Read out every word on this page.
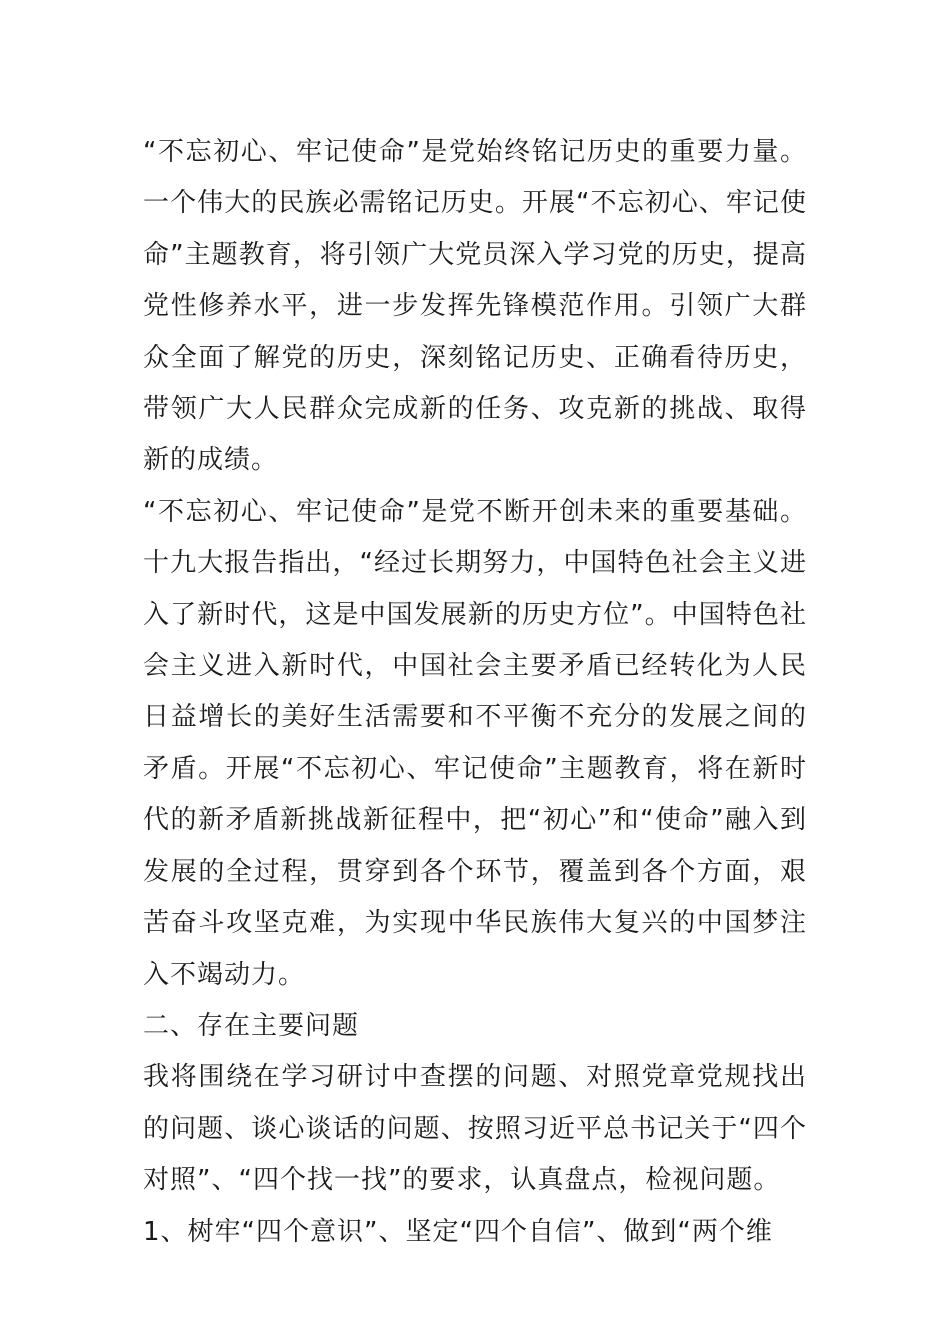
“不忘初心、牢记使命”是党始终铭记历史的重要力量。一个伟大的民族必需铭记历史。开展“不忘初心、牢记使命”主题教育，将引领广大党员深入学习党的历史，提高党性修养水平，进一步发挥先锋模范作用。引领广大群众全面了解党的历史，深刻铭记历史、正确看待历史，带领广大人民群众完成新的任务、攻克新的挑战、取得新的成绩。

“不忘初心、牢记使命”是党不断开创未来的重要基础。十九大报告指出，“经过长期努力，中国特色社会主义进入了新时代，这是中国发展新的历史方位”。中国特色社会主义进入新时代，中国社会主要矛盾已经转化为人民日益增长的美好生活需要和不平衡不充分的发展之间的矛盾。开展“不忘初心、牢记使命”主题教育，将在新时代的新矛盾新挑战新征程中，把“初心”和“使命”融入到发展的全过程，贯穿到各个环节，覆盖到各个方面，艰苦奋斗攻坚克难，为实现中华民族伟大复兴的中国梦注入不竭动力。

二、存在主要问题

我将围绕在学习研讨中查摆的问题、对照党章党规找出的问题、谈心谈话的问题、按照习近平总书记关于“四个对照”、“四个找一找”的要求，认真盘点，检视问题。

1、树牢“四个意识”、坚定“四个自信”、做到“两个维
